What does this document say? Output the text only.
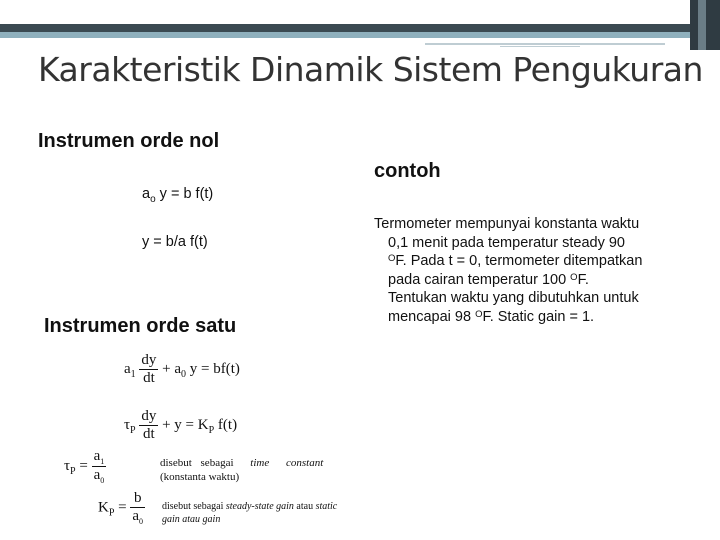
Karakteristik Dinamik Sistem Pengukuran
Instrumen orde nol
$a_o$ y = b f(t)
y = b/a f(t)
Instrumen orde satu
$a_1 \frac{dy}{dt} + a_0$ y = bf(t)
$\tau_P \frac{dy}{dt} + y = K_P$ f(t)
$\tau_P = \frac{a_1}{a_0}$	disebut sebagai time constant
(konstanta waktu)
$K_P = \frac{b}{a_0}$ disebut sebagai steady-state gain atau static
gain atau gain
contoh
Termometer mempunyai konstanta waktu
0,1 menit pada temperatur steady 90
$^O$F. Pada t = 0, termometer ditempatkan
pada cairan temperatur 100 $^O$F.
Tentukan waktu yang dibutuhkan untuk
mencapai 98 $^O$F. Static gain = 1.
